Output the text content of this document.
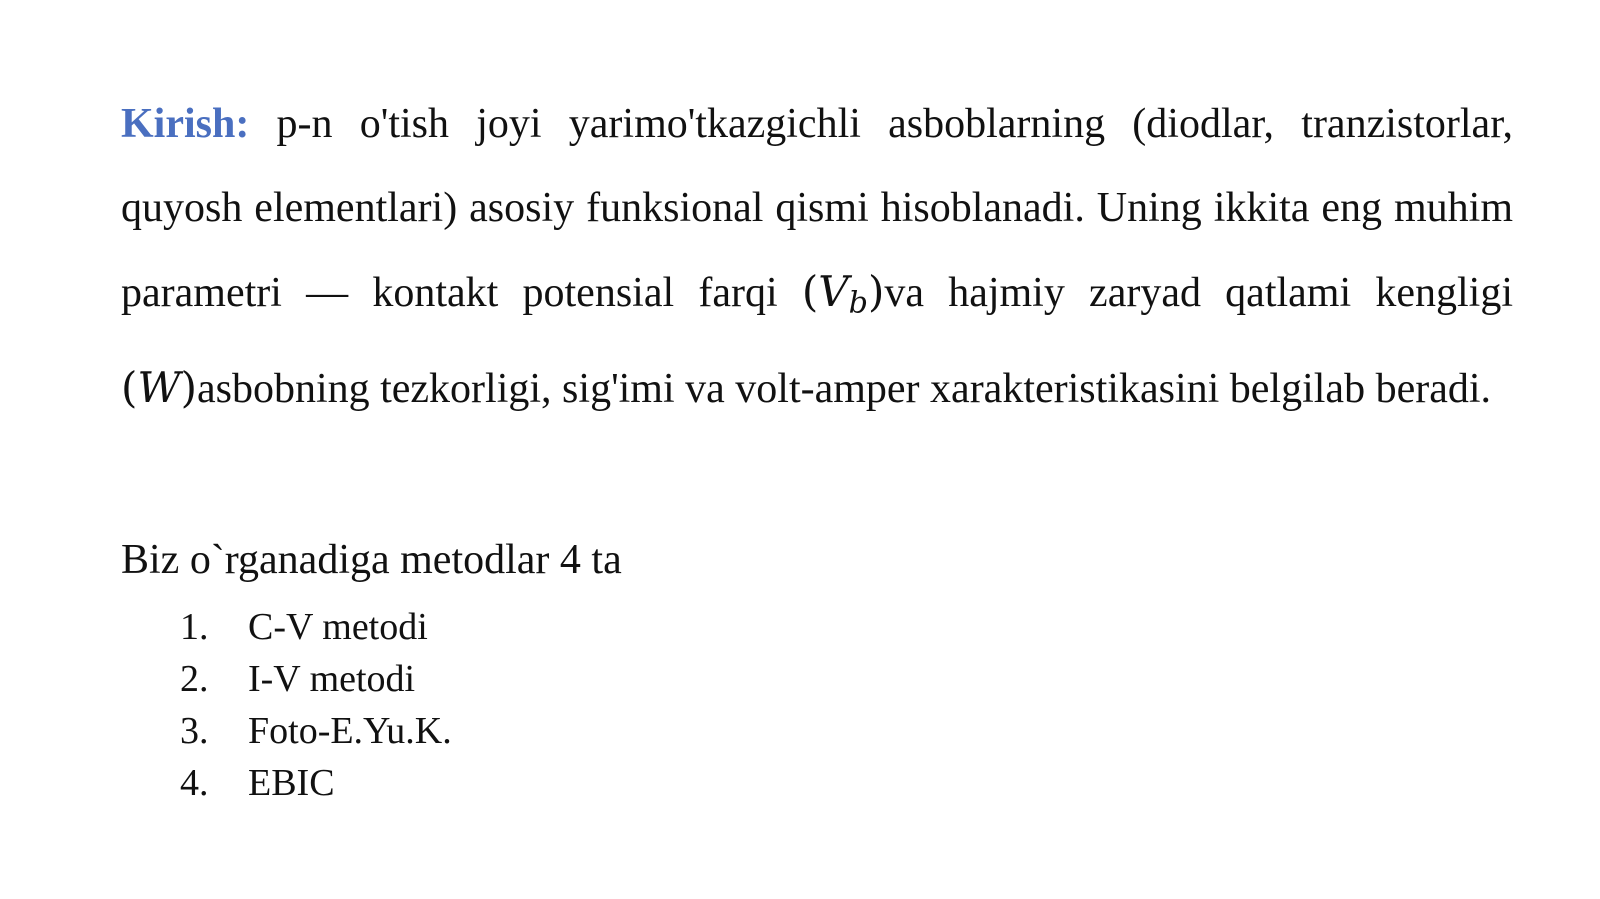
Kirish: p-n o'tish joyi yarimo'tkazgichli asboblarning (diodlar, tranzistorlar, quyosh elementlari) asosiy funksional qismi hisoblanadi. Uning ikkita eng muhim parametri — kontakt potensial farqi (Vb)va hajmiy zaryad qatlami kengligi (W)asbobning tezkorligi, sig'imi va volt-amper xarakteristikasini belgilab beradi.

Biz o`rganadiga metodlar 4 ta

1.	C-V metodi
2.	I-V metodi
3.	Foto-E.Yu.K.
4.	EBIC
